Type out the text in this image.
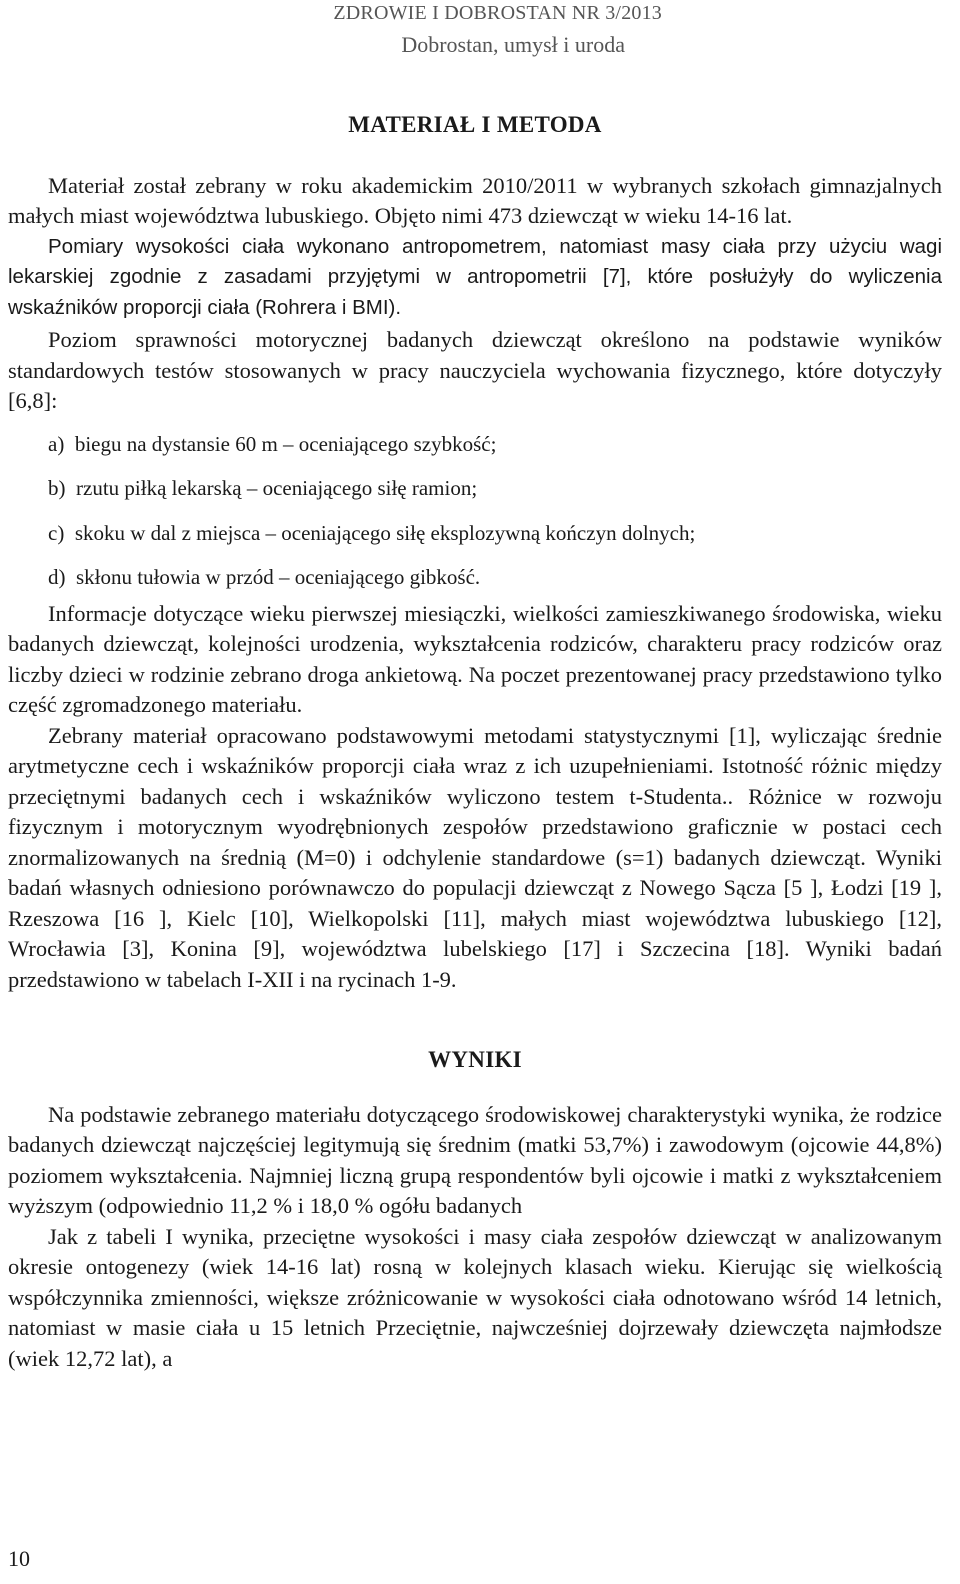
ZDROWIE I DOBROSTAN NR 3/2013
Dobrostan, umysł i uroda
MATERIAŁ I METODA

Materiał został zebrany w roku akademickim 2010/2011 w wybranych szkołach gimnazjalnych małych miast województwa lubuskiego. Objęto nimi 473 dziewcząt w wieku 14-16 lat.

Pomiary wysokości ciała wykonano antropometrem, natomiast masy ciała przy użyciu wagi lekarskiej zgodnie z zasadami przyjętymi w antropometrii [7], które posłużyły do wyliczenia wskaźników proporcji ciała (Rohrera i BMI).

Poziom sprawności motorycznej badanych dziewcząt określono na podstawie wyników standardowych testów stosowanych w pracy nauczyciela wychowania fizycznego, które dotyczyły [6,8]:

a) biegu na dystansie 60 m – oceniającego szybkość;
b) rzutu piłką lekarską – oceniającego siłę ramion;
c) skoku w dal z miejsca – oceniającego siłę eksplozywną kończyn dolnych;
d) skłonu tułowia w przód – oceniającego gibkość.

Informacje dotyczące wieku pierwszej miesiączki, wielkości zamieszkiwanego środowiska, wieku badanych dziewcząt, kolejności urodzenia, wykształcenia rodziców, charakteru pracy rodziców oraz liczby dzieci w rodzinie zebrano droga ankietową. Na poczet prezentowanej pracy przedstawiono tylko część zgromadzonego materiału.

Zebrany materiał opracowano podstawowymi metodami statystycznymi [1], wyliczając średnie arytmetyczne cech i wskaźników proporcji ciała wraz z ich uzupełnieniami. Istotność różnic między przeciętnymi badanych cech i wskaźników wyliczono testem t-Studenta.. Różnice w rozwoju fizycznym i motorycznym wyodrębnionych zespołów przedstawiono graficznie w postaci cech znormalizowanych na średnią (M=0) i odchylenie standardowe (s=1) badanych dziewcząt. Wyniki badań własnych odniesiono porównawczo do populacji dziewcząt z Nowego Sącza [5 ], Łodzi [19 ], Rzeszowa [16 ], Kielc [10], Wielkopolski [11], małych miast województwa lubuskiego [12], Wrocławia [3], Konina [9], województwa lubelskiego [17] i Szczecina [18]. Wyniki badań przedstawiono w tabelach I-XII i na rycinach 1-9.

WYNIKI

Na podstawie zebranego materiału dotyczącego środowiskowej charakterystyki wynika, że rodzice badanych dziewcząt najczęściej legitymują się średnim (matki 53,7%) i zawodowym (ojcowie 44,8%) poziomem wykształcenia. Najmniej liczną grupą respondentów byli ojcowie i matki z wykształceniem wyższym (odpowiednio 11,2 % i 18,0 % ogółu badanych

Jak z tabeli I wynika, przeciętne wysokości i masy ciała zespołów dziewcząt w analizowanym okresie ontogenezy (wiek 14-16 lat) rosną w kolejnych klasach wieku. Kierując się wielkością współczynnika zmienności, większe zróżnicowanie w wysokości ciała odnotowano wśród 14 letnich, natomiast w masie ciała u 15 letnich Przeciętnie, najwcześniej dojrzewały dziewczęta najmłodsze (wiek 12,72 lat), a

10
